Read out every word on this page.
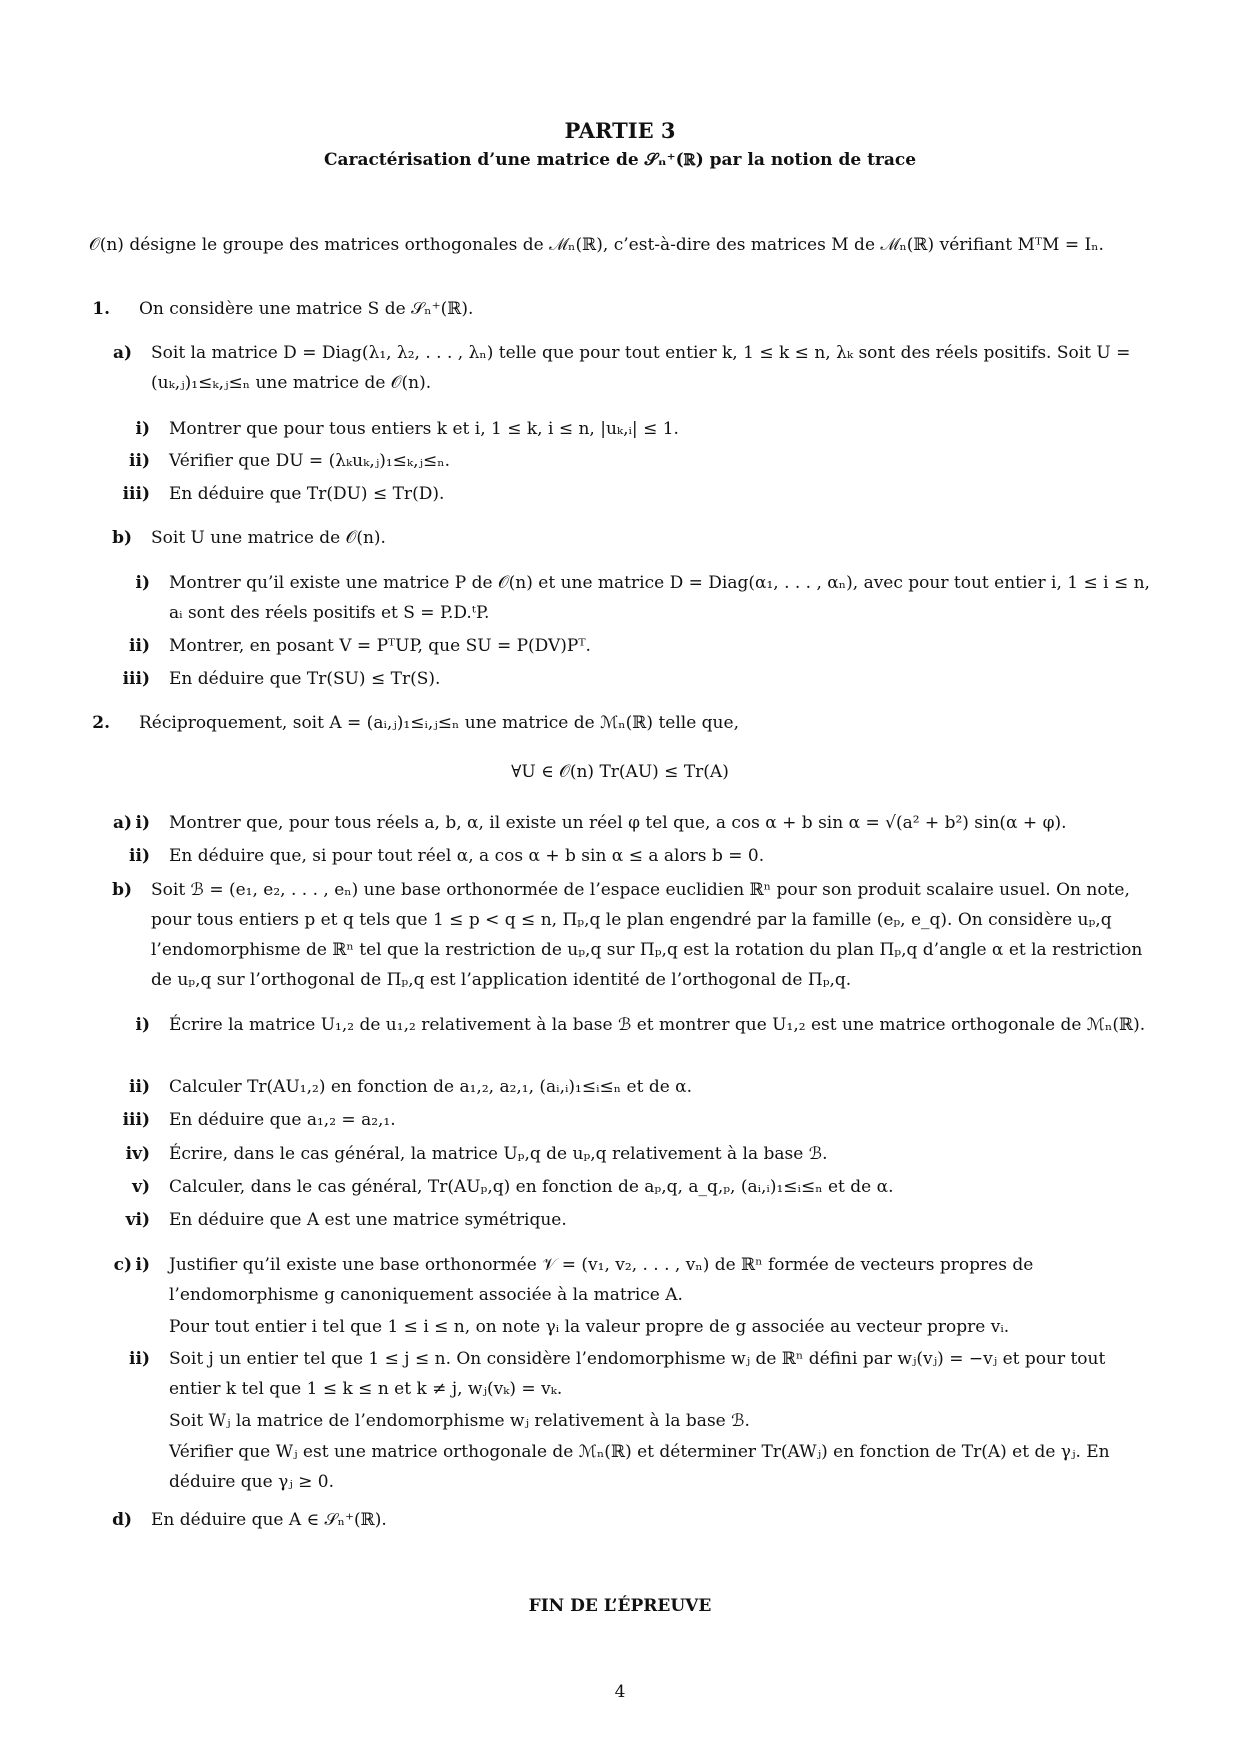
PARTIE 3
Caractérisation d’une matrice de 𝒮ₙ⁺(ℝ) par la notion de trace
𝒪(n) désigne le groupe des matrices orthogonales de ℳₙ(ℝ), c’est-à-dire des matrices M de ℳₙ(ℝ) vérifiant MᵀM = Iₙ.
1. On considère une matrice S de 𝒮ₙ⁺(ℝ).
a) Soit la matrice D = Diag(λ₁, λ₂, . . . , λₙ) telle que pour tout entier k, 1 ≤ k ≤ n, λₖ sont des réels positifs. Soit U = (uₖ,ⱼ)₁≤ₖ,ⱼ≤ₙ une matrice de 𝒪(n).
i) Montrer que pour tous entiers k et i, 1 ≤ k, i ≤ n, |uₖ,ᵢ| ≤ 1.
ii) Vérifier que DU = (λₖuₖ,ⱼ)₁≤ₖ,ⱼ≤ₙ.
iii) En déduire que Tr(DU) ≤ Tr(D).
b) Soit U une matrice de 𝒪(n).
i) Montrer qu’il existe une matrice P de 𝒪(n) et une matrice D = Diag(α₁, . . . , αₙ), avec pour tout entier i, 1 ≤ i ≤ n, aᵢ sont des réels positifs et S = P.D.ᵗP.
ii) Montrer, en posant V = PᵀUP, que SU = P(DV)Pᵀ.
iii) En déduire que Tr(SU) ≤ Tr(S).
2. Réciproquement, soit A = (aᵢ,ⱼ)₁≤ᵢ,ⱼ≤ₙ une matrice de ℳₙ(ℝ) telle que,
∀U ∈ 𝒪(n) Tr(AU) ≤ Tr(A)
a) i) Montrer que, pour tous réels a, b, α, il existe un réel φ tel que, a cos α + b sin α = √(a² + b²) sin(α + φ).
ii) En déduire que, si pour tout réel α, a cos α + b sin α ≤ a alors b = 0.
b) Soit ℬ = (e₁, e₂, . . . , eₙ) une base orthonormée de l’espace euclidien ℝⁿ pour son produit scalaire usuel. On note, pour tous entiers p et q tels que 1 ≤ p < q ≤ n, Πₚ,q le plan engendré par la famille (eₚ, e_q). On considère uₚ,q l’endomorphisme de ℝⁿ tel que la restriction de uₚ,q sur Πₚ,q est la rotation du plan Πₚ,q d’angle α et la restriction de uₚ,q sur l’orthogonal de Πₚ,q est l’application identité de l’orthogonal de Πₚ,q.
i) Écrire la matrice U₁,₂ de u₁,₂ relativement à la base ℬ et montrer que U₁,₂ est une matrice orthogonale de ℳₙ(ℝ).
ii) Calculer Tr(AU₁,₂) en fonction de a₁,₂, a₂,₁, (aᵢ,ᵢ)₁≤ᵢ≤ₙ et de α.
iii) En déduire que a₁,₂ = a₂,₁.
iv) Écrire, dans le cas général, la matrice Uₚ,q de uₚ,q relativement à la base ℬ.
v) Calculer, dans le cas général, Tr(AUₚ,q) en fonction de aₚ,q, a_q,ₚ, (aᵢ,ᵢ)₁≤ᵢ≤ₙ et de α.
vi) En déduire que A est une matrice symétrique.
c) i) Justifier qu’il existe une base orthonormée 𝒱 = (v₁, v₂, . . . , vₙ) de ℝⁿ formée de vecteurs propres de l’endomorphisme g canoniquement associée à la matrice A.
Pour tout entier i tel que 1 ≤ i ≤ n, on note γᵢ la valeur propre de g associée au vecteur propre vᵢ.
ii) Soit j un entier tel que 1 ≤ j ≤ n. On considère l’endomorphisme wⱼ de ℝⁿ défini par wⱼ(vⱼ) = −vⱼ et pour tout entier k tel que 1 ≤ k ≤ n et k ≠ j, wⱼ(vₖ) = vₖ.
Soit Wⱼ la matrice de l’endomorphisme wⱼ relativement à la base ℬ.
Vérifier que Wⱼ est une matrice orthogonale de ℳₙ(ℝ) et déterminer Tr(AWⱼ) en fonction de Tr(A) et de γⱼ. En déduire que γⱼ ≥ 0.
d) En déduire que A ∈ 𝒮ₙ⁺(ℝ).
FIN DE L’ÉPREUVE
4
